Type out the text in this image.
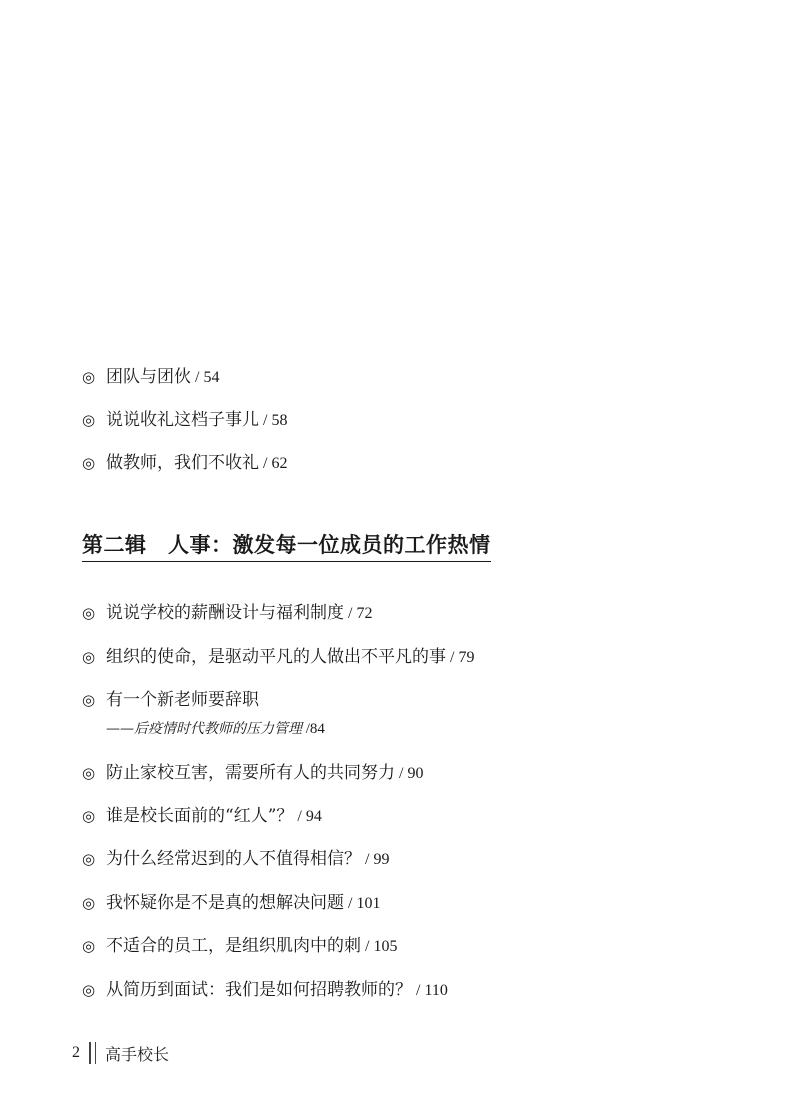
◎ 团队与团伙 / 54
◎ 说说收礼这档子事儿 / 58
◎ 做教师，我们不收礼 / 62
第二辑　人事：激发每一位成员的工作热情
◎ 说说学校的薪酬设计与福利制度 / 72
◎ 组织的使命，是驱动平凡的人做出不平凡的事 / 79
◎ 有一个新老师要辞职
——后疫情时代教师的压力管理 /84
◎ 防止家校互害，需要所有人的共同努力 / 90
◎ 谁是校长面前的“红人”？ / 94
◎ 为什么经常迟到的人不值得相信？ / 99
◎ 我怀疑你是不是真的想解决问题 / 101
◎ 不适合的员工，是组织肌肉中的刺 / 105
◎ 从简历到面试：我们是如何招聘教师的？ / 110
2 高手校长
